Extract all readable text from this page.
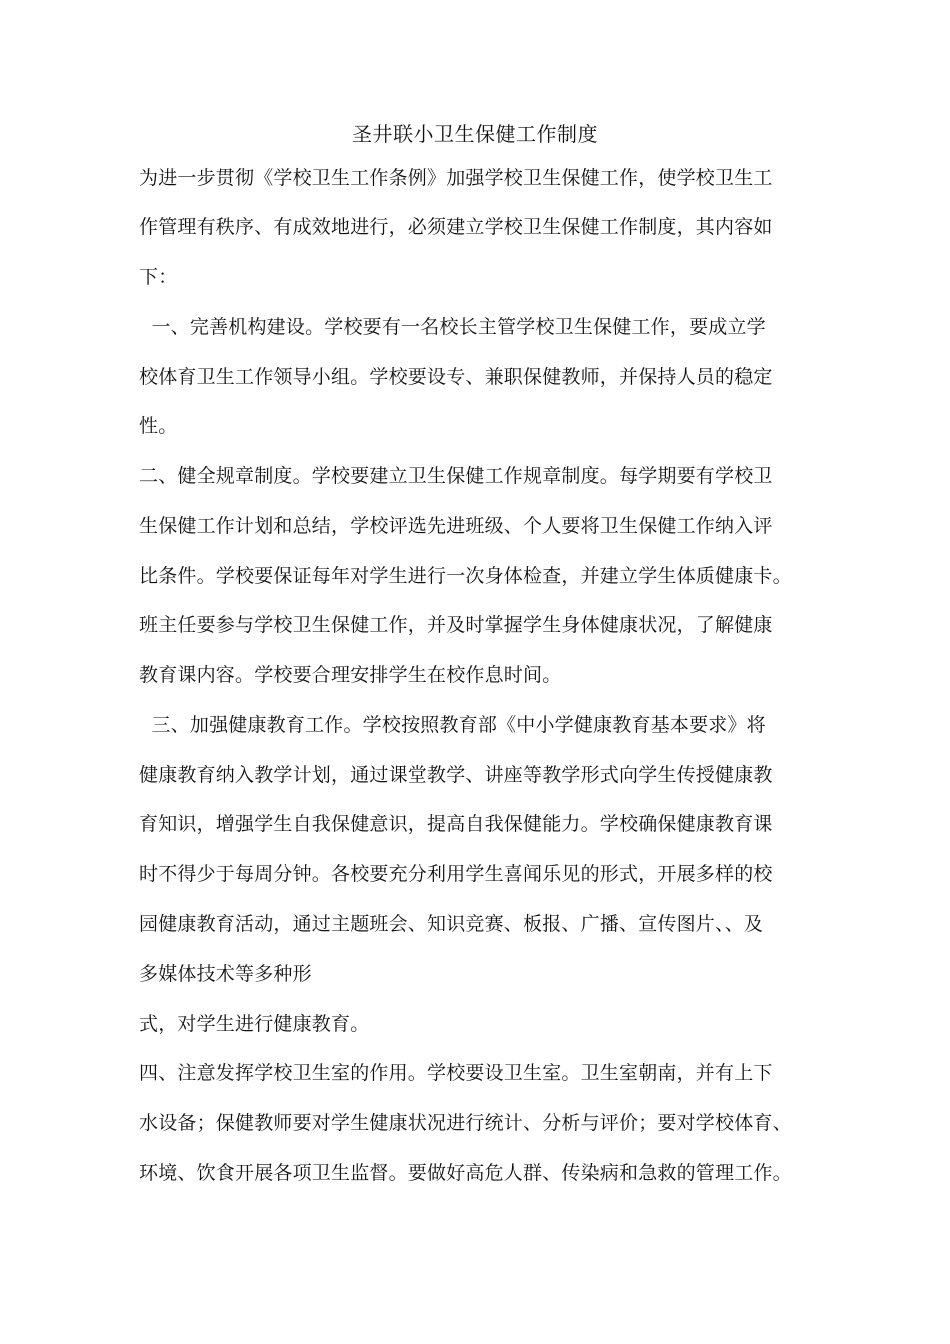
圣井联小卫生保健工作制度

为进一步贯彻《学校卫生工作条例》加强学校卫生保健工作，使学校卫生工

作管理有秩序、有成效地进行，必须建立学校卫生保健工作制度，其内容如

下：

一、完善机构建设。学校要有一名校长主管学校卫生保健工作，要成立学

校体育卫生工作领导小组。学校要设专、兼职保健教师，并保持人员的稳定

性。

二、健全规章制度。学校要建立卫生保健工作规章制度。每学期要有学校卫

生保健工作计划和总结，学校评选先进班级、个人要将卫生保健工作纳入评

比条件。学校要保证每年对学生进行一次身体检查，并建立学生体质健康卡。

班主任要参与学校卫生保健工作，并及时掌握学生身体健康状况，了解健康

教育课内容。学校要合理安排学生在校作息时间。

三、加强健康教育工作。学校按照教育部《中小学健康教育基本要求》将

健康教育纳入教学计划，通过课堂教学、讲座等教学形式向学生传授健康教

育知识，增强学生自我保健意识，提高自我保健能力。学校确保健康教育课

时不得少于每周分钟。各校要充分利用学生喜闻乐见的形式，开展多样的校

园健康教育活动，通过主题班会、知识竞赛、板报、广播、宣传图片、、及

多媒体技术等多种形

式，对学生进行健康教育。

四、注意发挥学校卫生室的作用。学校要设卫生室。卫生室朝南，并有上下

水设备；保健教师要对学生健康状况进行统计、分析与评价；要对学校体育、

环境、饮食开展各项卫生监督。要做好高危人群、传染病和急救的管理工作。
